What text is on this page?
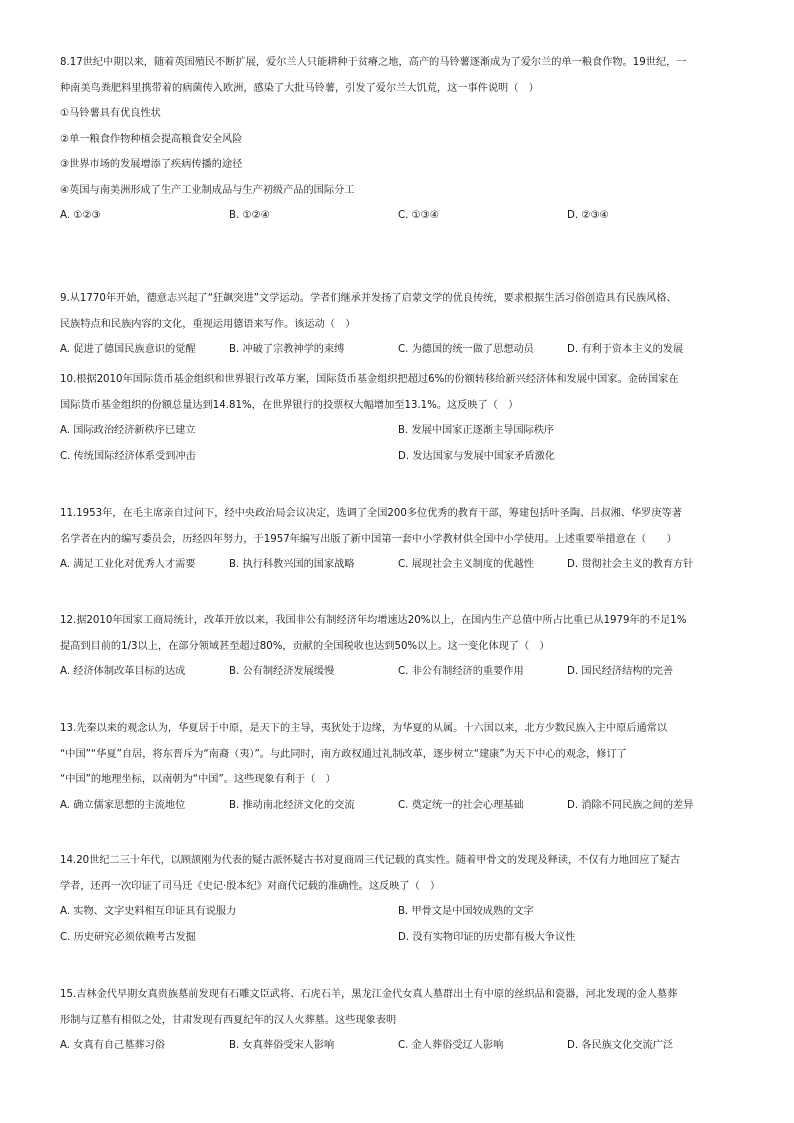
8.17世纪中期以来，随着英国殖民不断扩展，爱尔兰人只能耕种于贫瘠之地，高产的马铃薯逐渐成为了爱尔兰的单一粮食作物。19世纪，一
种南美鸟粪肥料里携带着的病菌传入欧洲，感染了大批马铃薯，引发了爱尔兰大饥荒，这一事件说明（　）
①马铃薯具有优良性状
②单一粮食作物种植会提高粮食安全风险
③世界市场的发展增添了疾病传播的途径
④英国与南美洲形成了生产工业制成品与生产初级产品的国际分工
A. ①②③	B. ①②④	C. ①③④	D. ②③④
9.从1770年开始，德意志兴起了“狂飙突进”文学运动。学者们继承并发扬了启蒙文学的优良传统，要求根据生活习俗创造具有民族风格、
民族特点和民族内容的文化，重视运用德语来写作。该运动（　）
A. 促进了德国民族意识的觉醒	B. 冲破了宗教神学的束缚	C. 为德国的统一做了思想动员	D. 有利于资本主义的发展
10.根据2010年国际货币基金组织和世界银行改革方案，国际货币基金组织把超过6%的份额转移给新兴经济体和发展中国家。金砖国家在
国际货币基金组织的份额总量达到14.81%，在世界银行的投票权大幅增加至13.1%。这反映了（　）
A. 国际政治经济新秩序已建立	B. 发展中国家正逐渐主导国际秩序
C. 传统国际经济体系受到冲击	D. 发达国家与发展中国家矛盾激化
11.1953年，在毛主席亲自过问下，经中央政治局会议决定，选调了全国200多位优秀的教育干部，筹建包括叶圣陶、吕叔湘、华罗庚等著
名学者在内的编写委员会，历经四年努力，于1957年编写出版了新中国第一套中小学教材供全国中小学使用。上述重要举措意在（　　）
A. 满足工业化对优秀人才需要	B. 执行科教兴国的国家战略	C. 展现社会主义制度的优越性	D. 贯彻社会主义的教育方针
12.据2010年国家工商局统计，改革开放以来，我国非公有制经济年均增速达20%以上，在国内生产总值中所占比重已从1979年的不足1%
提高到目前的1/3以上，在部分领域甚至超过80%，贡献的全国税收也达到50%以上。这一变化体现了（　）
A. 经济体制改革目标的达成	B. 公有制经济发展缓慢	C. 非公有制经济的重要作用	D. 国民经济结构的完善
13.先秦以来的观念认为，华夏居于中原，是天下的主导，夷狄处于边缘，为华夏的从属。十六国以来，北方少数民族入主中原后通常以
“中国”“华夏”自居，将东晋斥为“南裔（夷）”。与此同时，南方政权通过礼制改革，逐步树立“建康”为天下中心的观念，修订了
“中国”的地理坐标，以南朝为“中国”。这些现象有利于（　）
A. 确立儒家思想的主流地位	B. 推动南北经济文化的交流	C. 奠定统一的社会心理基础	D. 消除不同民族之间的差异
14.20世纪二三十年代，以顾颉刚为代表的疑古派怀疑古书对夏商周三代记载的真实性。随着甲骨文的发现及释读，不仅有力地回应了疑古
学者，还再一次印证了司马迁《史记·殷本纪》对商代记载的准确性。这反映了（　）
A. 实物、文字史料相互印证具有说服力	B. 甲骨文是中国较成熟的文字
C. 历史研究必须依赖考古发掘	D. 没有实物印证的历史都有极大争议性
15.吉林金代早期女真贵族墓前发现有石雕文臣武将、石虎石羊，黑龙江金代女真人墓群出土有中原的丝织品和瓷器，河北发现的金人墓葬
形制与辽墓有相似之处，甘肃发现有西夏纪年的汉人火葬墓。这些现象表明
A. 女真有自己墓葬习俗	B. 女真葬俗受宋人影响	C. 金人葬俗受辽人影响	D. 各民族文化交流广泛
